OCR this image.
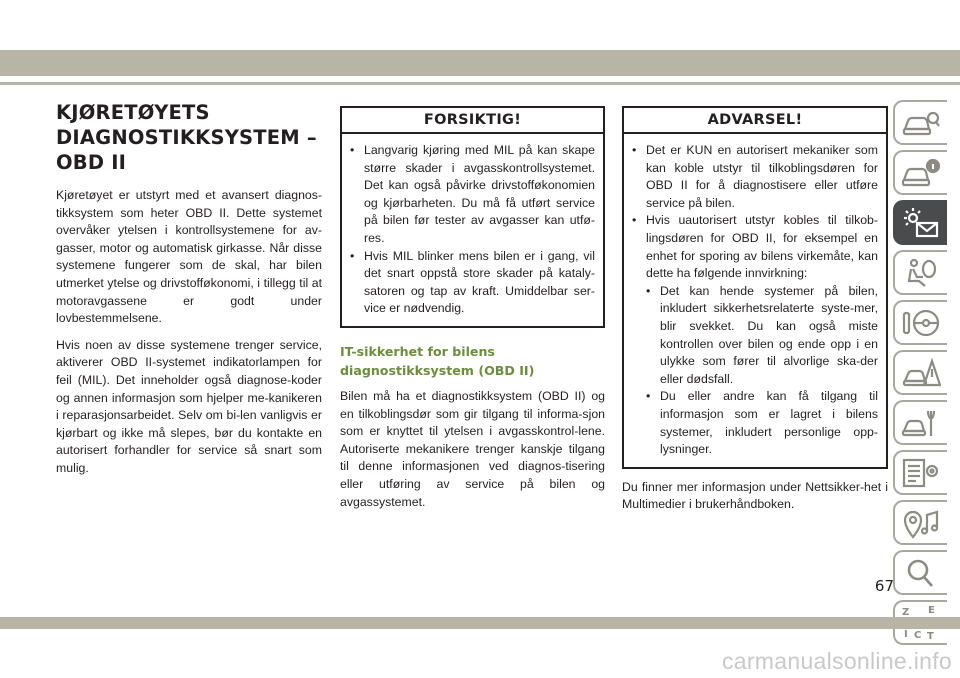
KJØRETØYETS
DIAGNOSTIKKSYSTEM –
OBD II

Kjøretøyet er utstyrt med et avansert diagnos-tikksystem som heter OBD II. Dette systemet overvåker ytelsen i kontrollsystemene for av-gasser, motor og automatisk girkasse. Når disse systemene fungerer som de skal, har bilen utmerket ytelse og drivstofføkonomi, i tillegg til at motoravgassene er godt under lovbestemmelsene.

Hvis noen av disse systemene trenger service, aktiverer OBD II-systemet indikatorlampen for feil (MIL). Det inneholder også diagnose-koder og annen informasjon som hjelper me-kanikeren i reparasjonsarbeidet. Selv om bi-len vanligvis er kjørbart og ikke må slepes, bør du kontakte en autorisert forhandler for service så snart som mulig.

FORSIKTIG!
• Langvarig kjøring med MIL på kan skape større skader i avgasskontrollsystemet. Det kan også påvirke drivstofføkonomien og kjørbarheten. Du må få utført service på bilen før tester av avgasser kan utfø-res.
• Hvis MIL blinker mens bilen er i gang, vil det snart oppstå store skader på kataly-satoren og tap av kraft. Umiddelbar ser-vice er nødvendig.
IT-sikkerhet for bilens diagnostikksystem (OBD II)

Bilen må ha et diagnostikksystem (OBD II) og en tilkoblingsdør som gir tilgang til informa-sjon som er knyttet til ytelsen i avgasskontrol-lene. Autoriserte mekanikere trenger kanskje tilgang til denne informasjonen ved diagnos-tisering eller utføring av service på bilen og avgassystemet.

ADVARSEL!
• Det er KUN en autorisert mekaniker som kan koble utstyr til tilkoblingsdøren for OBD II for å diagnostisere eller utføre service på bilen.
• Hvis uautorisert utstyr kobles til tilkob-lingsdøren for OBD II, for eksempel en enhet for sporing av bilens virkemåte, kan dette ha følgende innvirkning:
• Det kan hende systemer på bilen, inkludert sikkerhetsrelaterte syste-mer, blir svekket. Du kan også miste kontrollen over bilen og ende opp i en ulykke som fører til alvorlige ska-der eller dødsfall.
• Du eller andre kan få tilgang til informasjon som er lagret i bilens systemer, inkludert personlige opp-lysninger.

Du finner mer informasjon under Nettsikker-het i Multimedier i brukerhåndboken.

Z E
I C T
67
carmanualsonline.info
